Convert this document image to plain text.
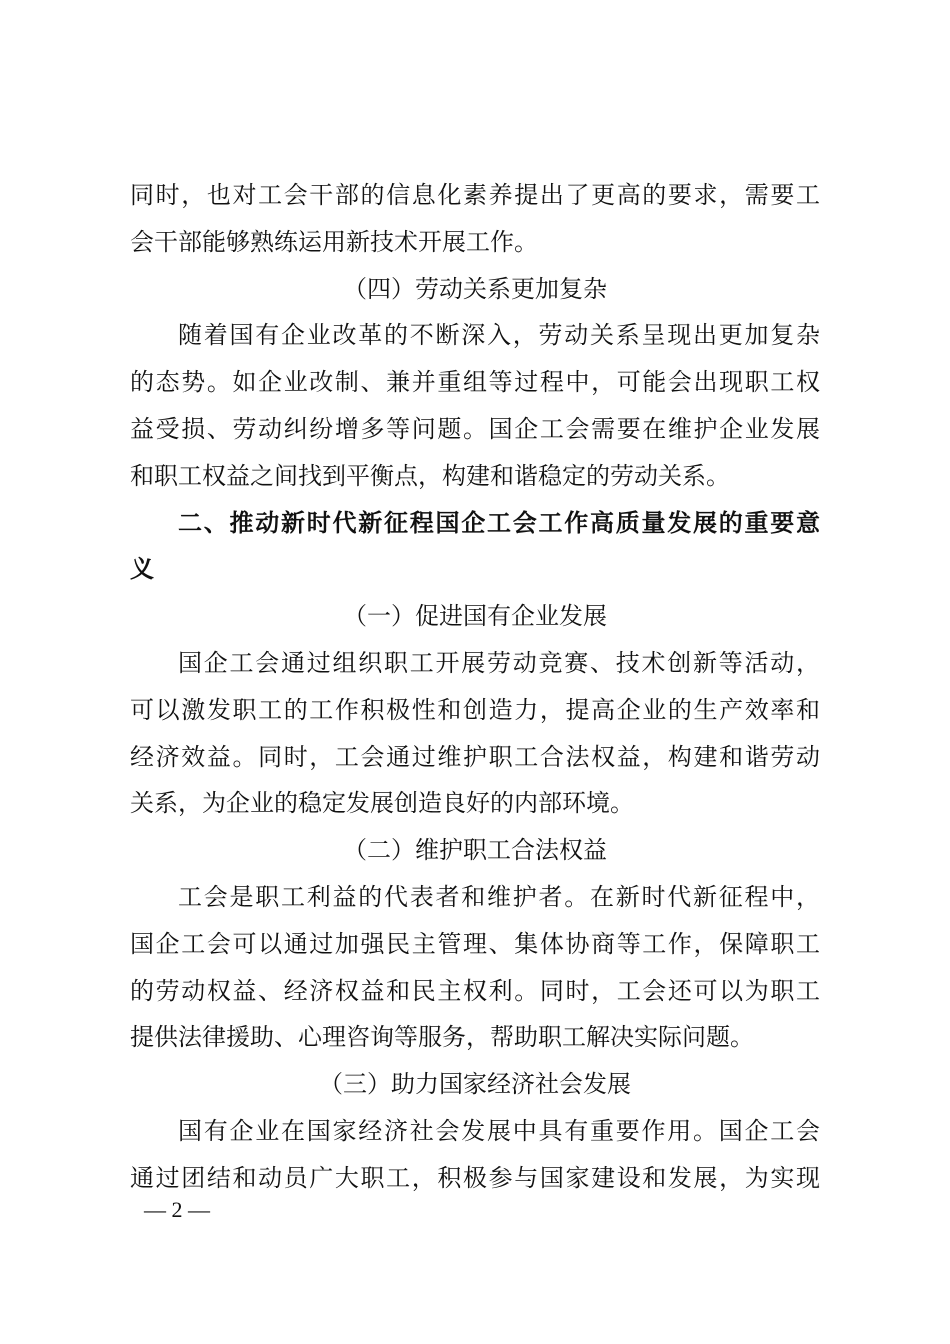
同时，也对工会干部的信息化素养提出了更高的要求，需要工
会干部能够熟练运用新技术开展工作。
（四）劳动关系更加复杂
随着国有企业改革的不断深入，劳动关系呈现出更加复杂
的态势。如企业改制、兼并重组等过程中，可能会出现职工权
益受损、劳动纠纷增多等问题。国企工会需要在维护企业发展
和职工权益之间找到平衡点，构建和谐稳定的劳动关系。
二、推动新时代新征程国企工会工作高质量发展的重要意
义
（一）促进国有企业发展
国企工会通过组织职工开展劳动竞赛、技术创新等活动，
可以激发职工的工作积极性和创造力，提高企业的生产效率和
经济效益。同时，工会通过维护职工合法权益，构建和谐劳动
关系，为企业的稳定发展创造良好的内部环境。
（二）维护职工合法权益
工会是职工利益的代表者和维护者。在新时代新征程中，
国企工会可以通过加强民主管理、集体协商等工作，保障职工
的劳动权益、经济权益和民主权利。同时，工会还可以为职工
提供法律援助、心理咨询等服务，帮助职工解决实际问题。
（三）助力国家经济社会发展
国有企业在国家经济社会发展中具有重要作用。国企工会
通过团结和动员广大职工，积极参与国家建设和发展，为实现
— 2 —
